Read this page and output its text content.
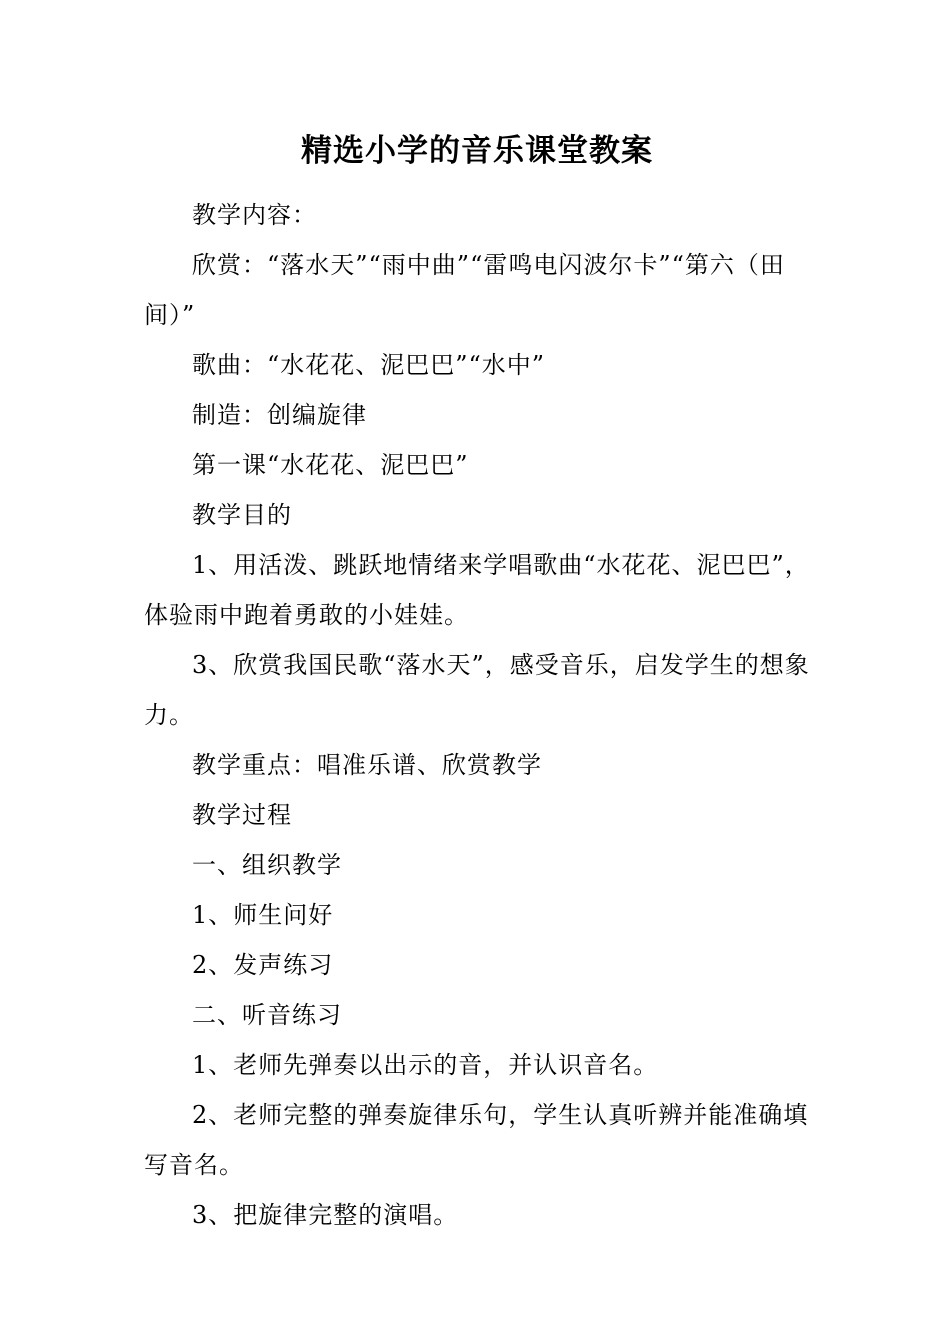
精选小学的音乐课堂教案

教学内容：

欣赏：“落水天”“雨中曲”“雷鸣电闪波尔卡”“第六（田间）”

歌曲：“水花花、泥巴巴”“水中”

制造：创编旋律

第一课“水花花、泥巴巴”

教学目的

1、用活泼、跳跃地情绪来学唱歌曲“水花花、泥巴巴”，体验雨中跑着勇敢的小娃娃。

3、欣赏我国民歌“落水天”，感受音乐，启发学生的想象力。

教学重点：唱准乐谱、欣赏教学

教学过程

一、组织教学

1、师生问好

2、发声练习

二、听音练习

1、老师先弹奏以出示的音，并认识音名。

2、老师完整的弹奏旋律乐句，学生认真听辨并能准确填写音名。

3、把旋律完整的演唱。
